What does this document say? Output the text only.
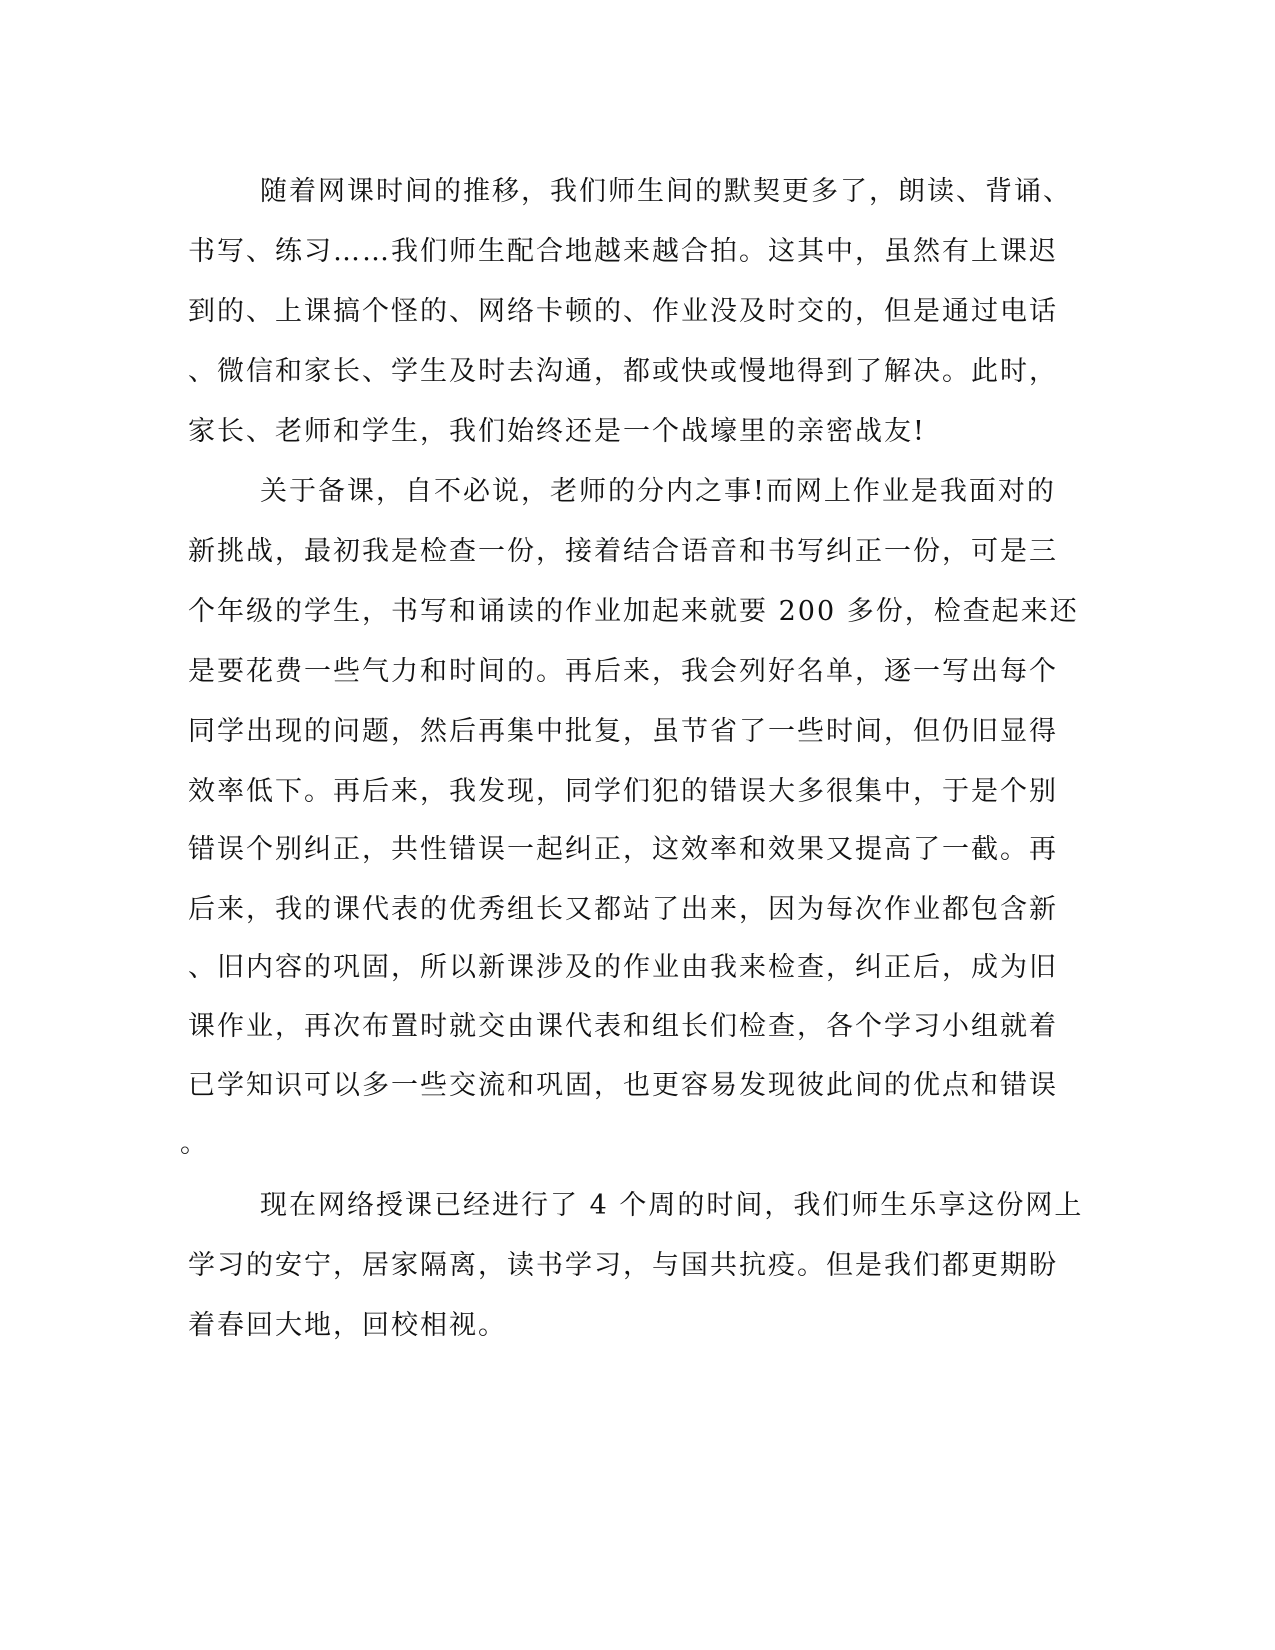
随着网课时间的推移，我们师生间的默契更多了，朗读、背诵、
书写、练习……我们师生配合地越来越合拍。这其中，虽然有上课迟
到的、上课搞个怪的、网络卡顿的、作业没及时交的，但是通过电话
、微信和家长、学生及时去沟通，都或快或慢地得到了解决。此时，
家长、老师和学生，我们始终还是一个战壕里的亲密战友!
关于备课，自不必说，老师的分内之事!而网上作业是我面对的
新挑战，最初我是检查一份，接着结合语音和书写纠正一份，可是三
个年级的学生，书写和诵读的作业加起来就要 200 多份，检查起来还
是要花费一些气力和时间的。再后来，我会列好名单，逐一写出每个
同学出现的问题，然后再集中批复，虽节省了一些时间，但仍旧显得
效率低下。再后来，我发现，同学们犯的错误大多很集中，于是个别
错误个别纠正，共性错误一起纠正，这效率和效果又提高了一截。再
后来，我的课代表的优秀组长又都站了出来，因为每次作业都包含新
、旧内容的巩固，所以新课涉及的作业由我来检查，纠正后，成为旧
课作业，再次布置时就交由课代表和组长们检查，各个学习小组就着
已学知识可以多一些交流和巩固，也更容易发现彼此间的优点和错误
。
现在网络授课已经进行了 4 个周的时间，我们师生乐享这份网上
学习的安宁，居家隔离，读书学习，与国共抗疫。但是我们都更期盼
着春回大地，回校相视。
